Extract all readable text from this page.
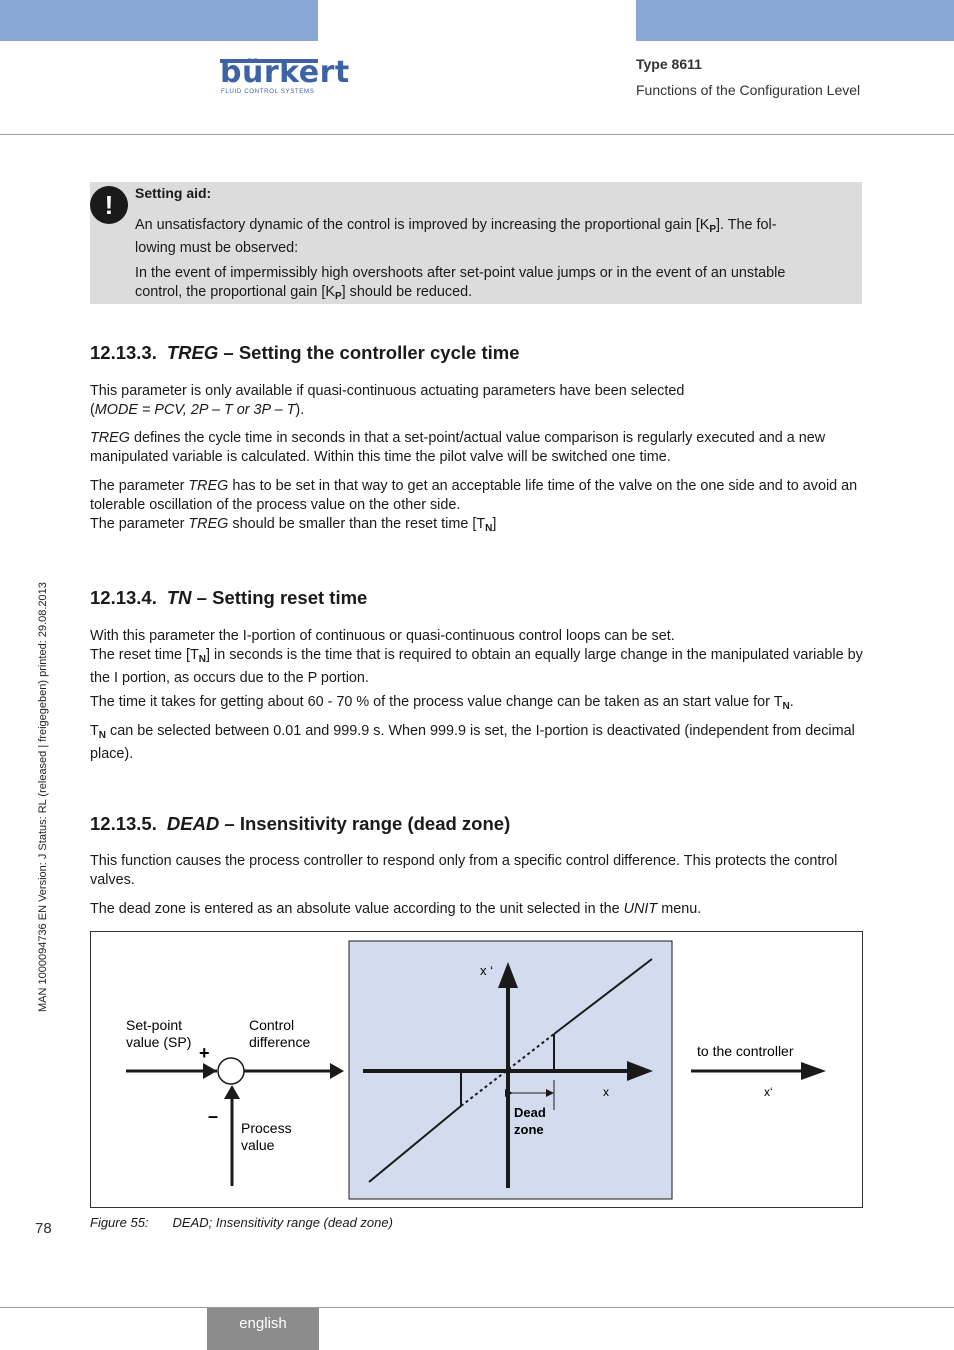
bürkert
FLUID CONTROL SYSTEMS
Type 8611
Functions of the Configuration Level
!	Setting aid:
An unsatisfactory dynamic of the control is improved by increasing the proportional gain $[K_P]$. The fol-
lowing must be observed:
In the event of impermissibly high overshoots after set-point value jumps or in the event of an unstable
control, the proportional gain $[K_P]$ should be reduced.
12.13.3. TREG – Setting the controller cycle time
This parameter is only available if quasi-continuous actuating parameters have been selected
(MODE = PCV, 2P – T or 3P – T).
TREG defines the cycle time in seconds in that a set-point/actual value comparison is regularly executed and a new manipulated variable is calculated. Within this time the pilot valve will be switched one time.
The parameter TREG has to be set in that way to get an acceptable life time of the valve on the one side and to avoid an tolerable oscillation of the process value on the other side.
The parameter TREG should be smaller than the reset time $[T_N]$
12.13.4. TN – Setting reset time
With this parameter the I-portion of continuous or quasi-continuous control loops can be set.
The reset time $[T_N]$ in seconds is the time that is required to obtain an equally large change in the manipulated variable by the I portion, as occurs due to the P portion.
The time it takes for getting about 60 - 70 % of the process value change can be taken as an start value for $T_N$.
$T_N$ can be selected between 0.01 and 999.9 s. When 999.9 is set, the I-portion is deactivated (independent from decimal place).
12.13.5. DEAD – Insensitivity range (dead zone)
This function causes the process controller to respond only from a specific control difference. This protects the control valves.
The dead zone is entered as an absolute value according to the unit selected in the UNIT menu.
MAN 1000094736 EN Version: J Status: RL (released | freigegeben) printed: 29.08.2013
Set-point
value (SP)
+
–
Control
difference
Process
value
x ‘
x
Dead
zone
to the controller
x‘
Figure 55: DEAD; Insensitivity range (dead zone)
78
english
